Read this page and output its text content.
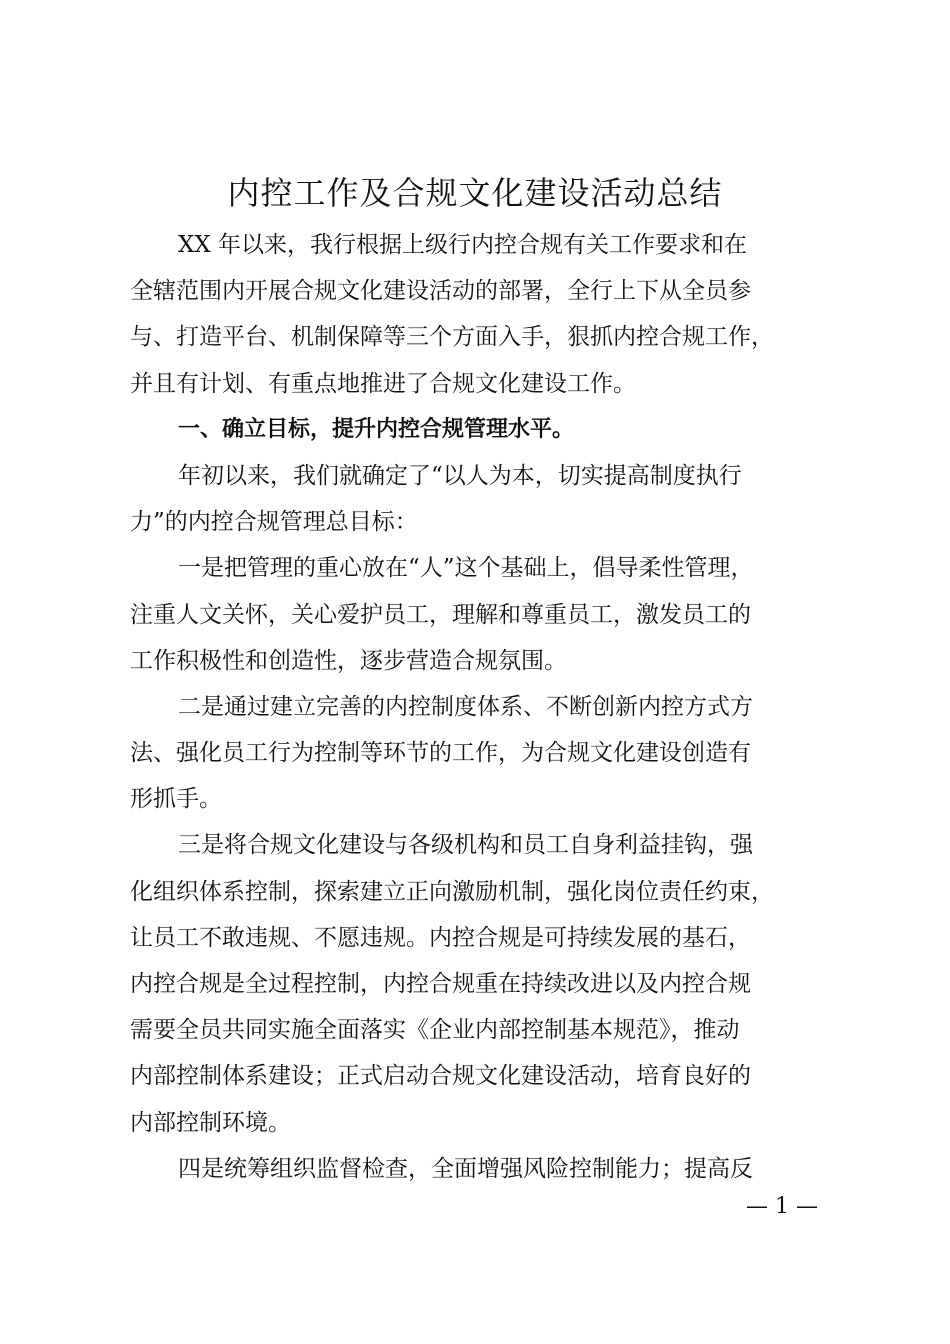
内控工作及合规文化建设活动总结
XX 年以来，我行根据上级行内控合规有关工作要求和在
全辖范围内开展合规文化建设活动的部署，全行上下从全员参
与、打造平台、机制保障等三个方面入手，狠抓内控合规工作，
并且有计划、有重点地推进了合规文化建设工作。
一、确立目标，提升内控合规管理水平。
年初以来，我们就确定了“以人为本，切实提高制度执行
力”的内控合规管理总目标：
一是把管理的重心放在“人”这个基础上，倡导柔性管理，
注重人文关怀，关心爱护员工，理解和尊重员工，激发员工的
工作积极性和创造性，逐步营造合规氛围。
二是通过建立完善的内控制度体系、不断创新内控方式方
法、强化员工行为控制等环节的工作，为合规文化建设创造有
形抓手。
三是将合规文化建设与各级机构和员工自身利益挂钩，强
化组织体系控制，探索建立正向激励机制，强化岗位责任约束，
让员工不敢违规、不愿违规。内控合规是可持续发展的基石，
内控合规是全过程控制，内控合规重在持续改进以及内控合规
需要全员共同实施全面落实《企业内部控制基本规范》，推动
内部控制体系建设；正式启动合规文化建设活动，培育良好的
内部控制环境。
四是统筹组织监督检查，全面增强风险控制能力；提高反
— 1 —
